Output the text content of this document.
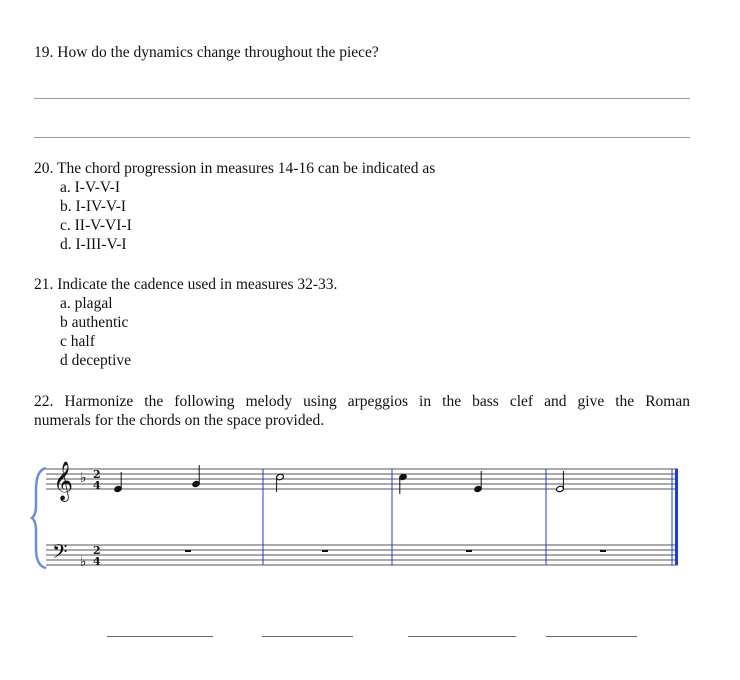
19. How do the dynamics change throughout the piece?
20. The chord progression in measures 14-16 can be indicated as
a. I-V-V-I
b. I-IV-V-I
c. II-V-VI-I
d. I-III-V-I
21. Indicate the cadence used in measures 32-33.
a. plagal
b authentic
c half
d deceptive
22. Harmonize the following melody using arpeggios in the bass clef and give the Roman
numerals for the chords on the space provided.
𝄞
𝄢
♭
♭
2
4
2
4
